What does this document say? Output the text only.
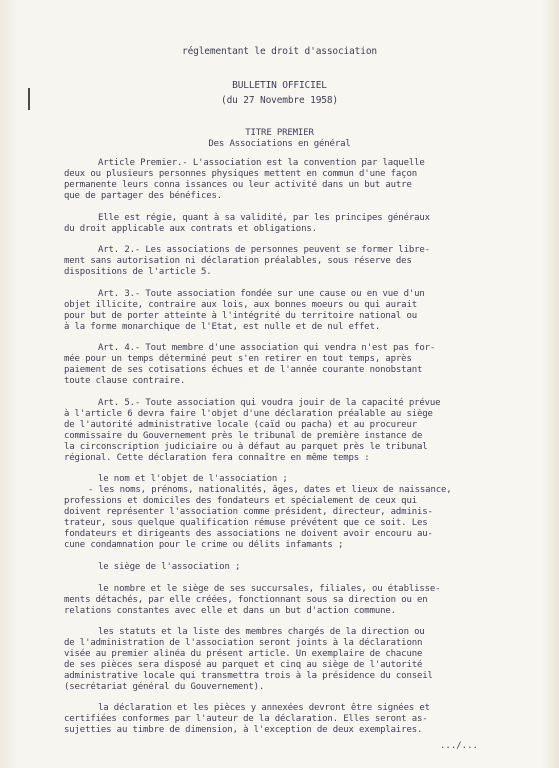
réglementant le droit d'association
BULLETIN OFFICIEL
(du 27 Novembre 1958)
TITRE PREMIER
Des Associations en général
Article Premier.- L'association est la convention par laquelle
deux ou plusieurs personnes physiques mettent en commun d'une façon
permanente leurs conna issances ou leur activité dans un but autre
que de partager des bénéfices.
Elle est régie, quant à sa validité, par les principes généraux
du droit applicable aux contrats et obligations.
Art. 2.- Les associations de personnes peuvent se former libre-
ment sans autorisation ni déclaration préalables, sous réserve des
dispositions de l'article 5.
Art. 3.- Toute association fondée sur une cause ou en vue d'un
objet illicite, contraire aux lois, aux bonnes moeurs ou qui aurait
pour but de porter atteinte à l'intégrité du territoire national ou
à la forme monarchique de l'Etat, est nulle et de nul effet.
Art. 4.- Tout membre d'une association qui vendra n'est pas for-
mée pour un temps déterminé peut s'en retirer en tout temps, après
paiement de ses cotisations échues et de l'année courante nonobstant
toute clause contraire.
Art. 5.- Toute association qui voudra jouir de la capacité prévue
à l'article 6 devra faire l'objet d'une déclaration préalable au siège
de l'autorité administrative locale (caïd ou pacha) et au procureur
commissaire du Gouvernement près le tribunal de première instance de
la circonscription judiciaire ou à défaut au parquet près le tribunal
régional. Cette déclaration fera connaître en même temps :
le nom et l'objet de l'association ;
- les noms, prénoms, nationalités, âges, dates et lieux de naissance,
professions et domiciles des fondateurs et spécialement de ceux qui
doivent représenter l'association comme président, directeur, adminis-
trateur, sous quelque qualification rémuse prévétent que ce soit. Les
fondateurs et dirigeants des associations ne doivent avoir encouru au-
cune condamnation pour le crime ou délits infamants ;
le siège de l'association ;
le nombre et le siège de ses succursales, filiales, ou établisse-
ments détachés, par elle créées, fonctionnant sous sa direction ou en
relations constantes avec elle et dans un but d'action commune.
les statuts et la liste des membres chargés de la direction ou
de l'administration de l'association seront joints à la déclarationn
visée au premier alinéa du présent article. Un exemplaire de chacune
de ses pièces sera disposé au parquet et cinq au siège de l'autorité
administrative locale qui transmettra trois à la présidence du conseil
(secrétariat général du Gouvernement).
la déclaration et les pièces y annexées devront être signées et
certifiées conformes par l'auteur de la déclaration. Elles seront as-
sujetties au timbre de dimension, à l'exception de deux exemplaires.
.../...
